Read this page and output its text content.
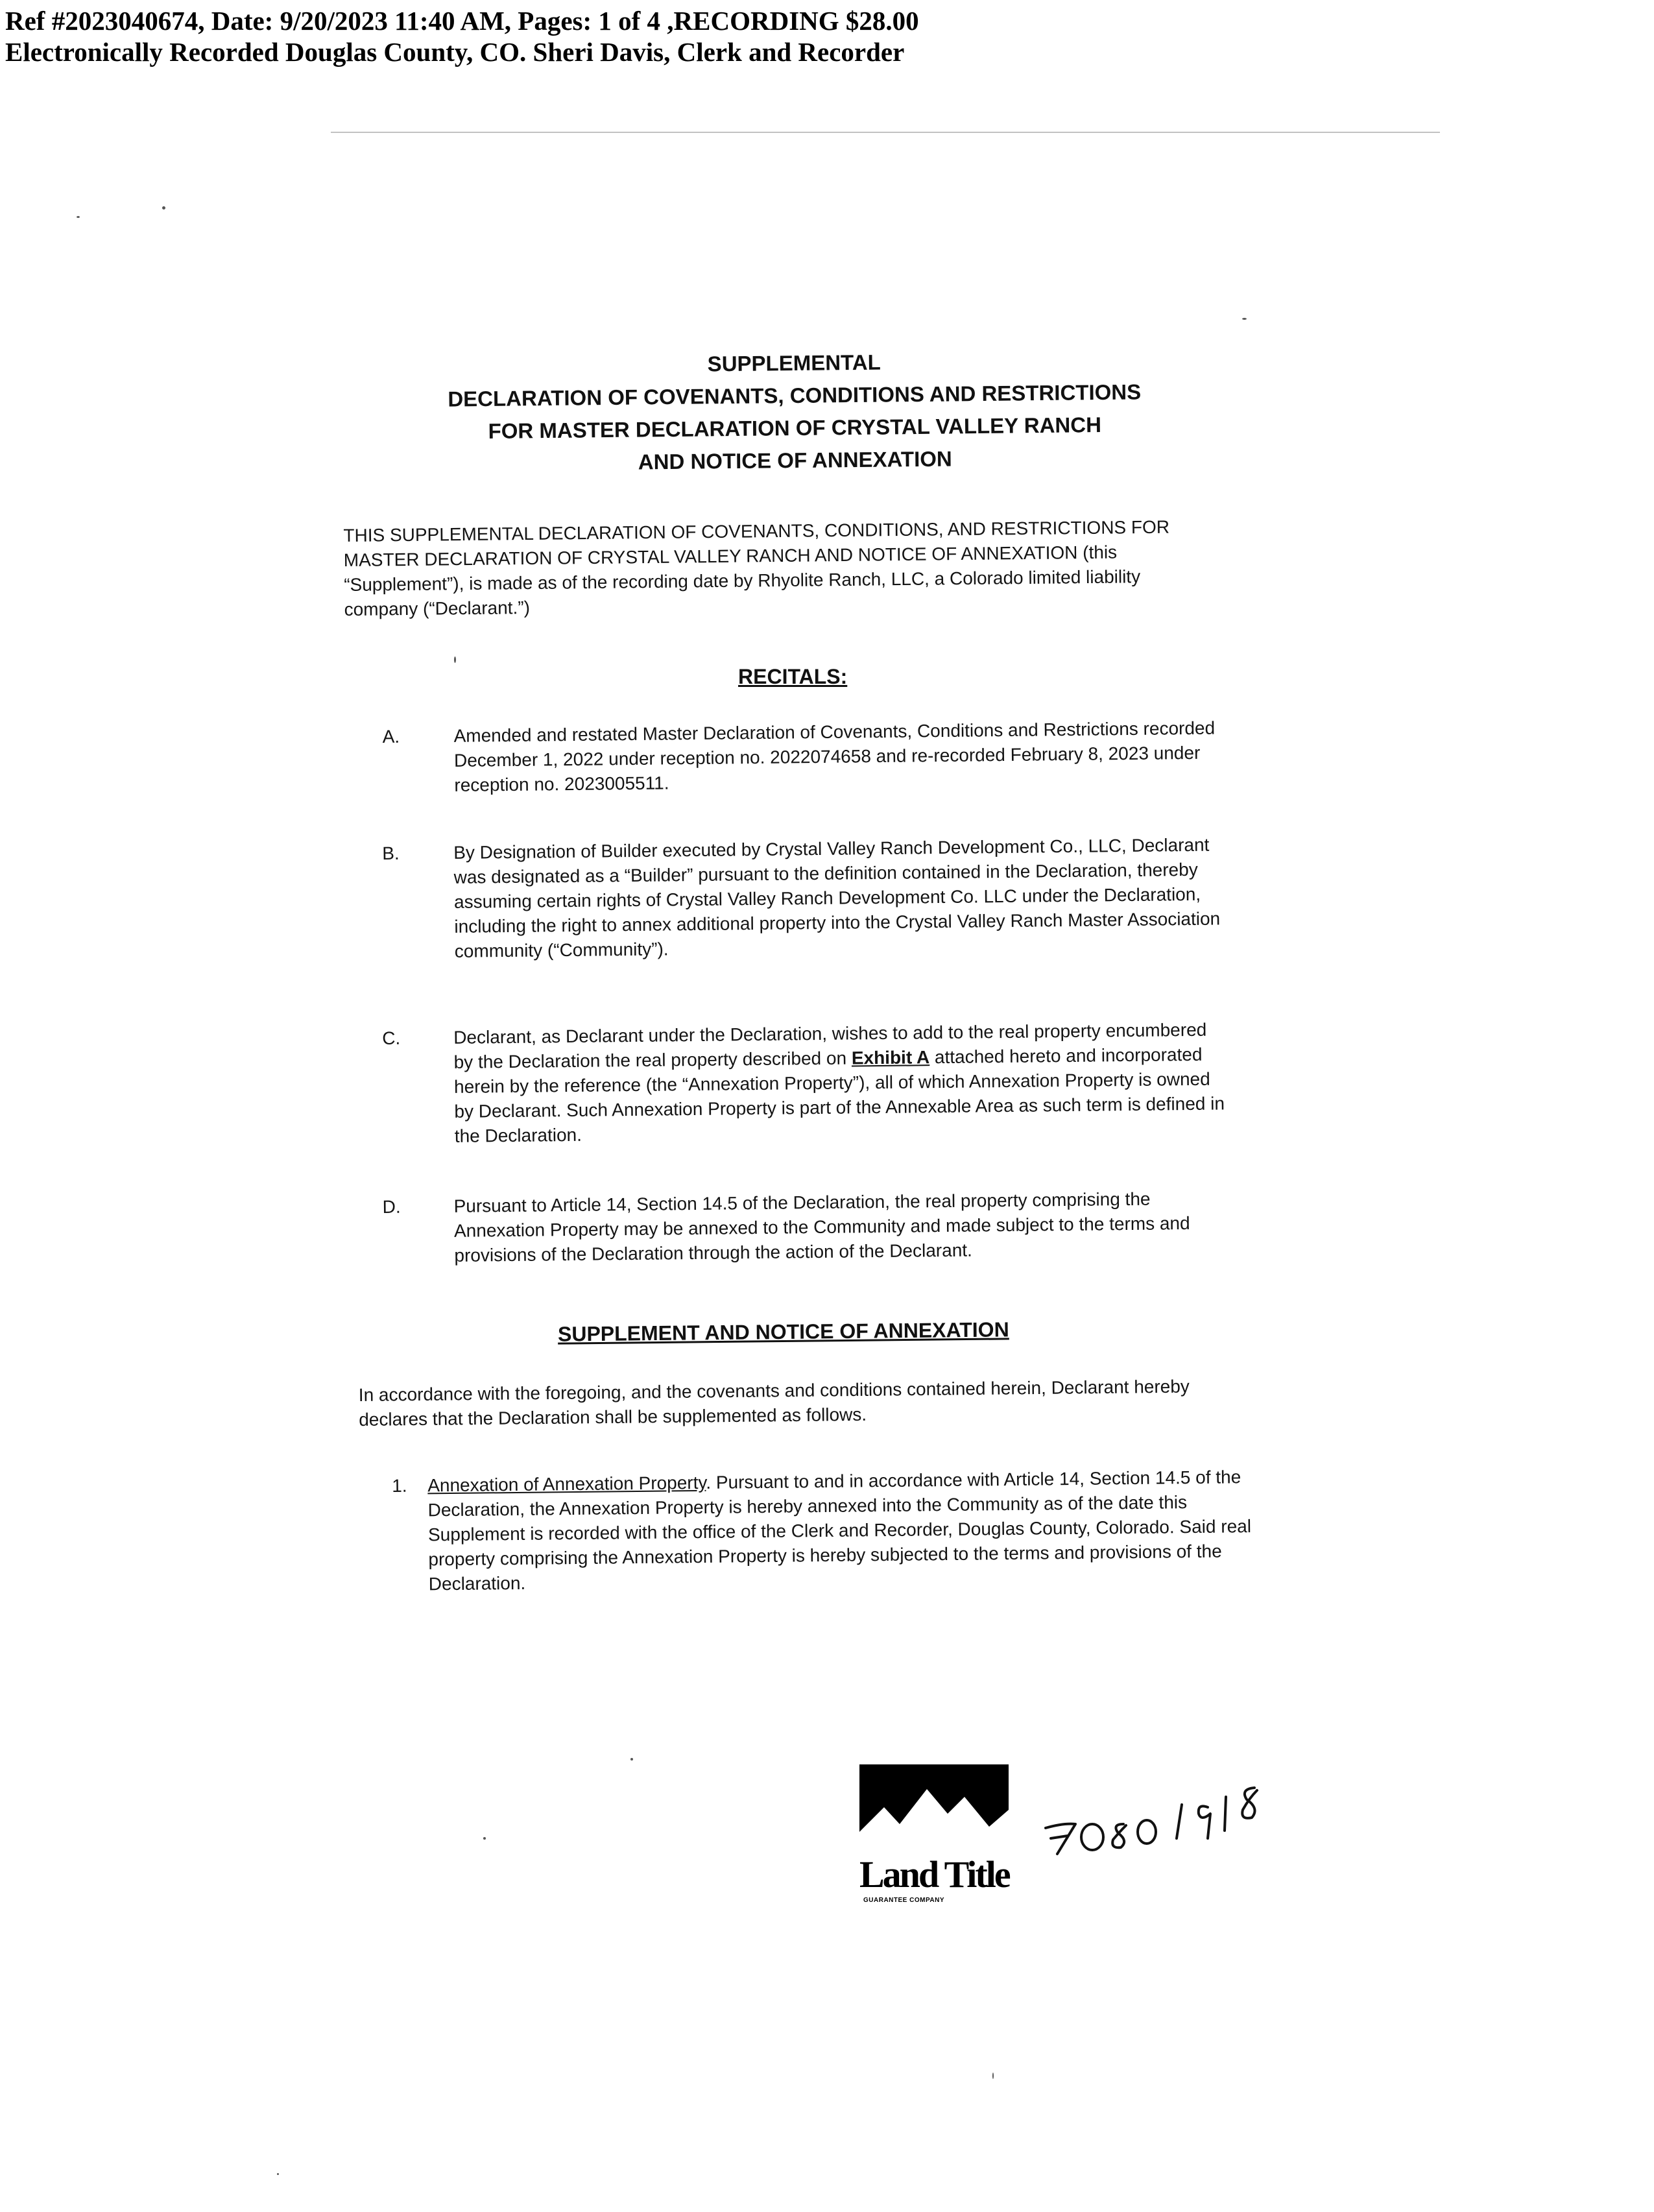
Ref #2023040674, Date: 9/20/2023 11:40 AM, Pages: 1 of 4 ,RECORDING $28.00
Electronically Recorded Douglas County, CO. Sheri Davis, Clerk and Recorder
SUPPLEMENTAL
DECLARATION OF COVENANTS, CONDITIONS AND RESTRICTIONS
FOR MASTER DECLARATION OF CRYSTAL VALLEY RANCH
AND NOTICE OF ANNEXATION
THIS SUPPLEMENTAL DECLARATION OF COVENANTS, CONDITIONS, AND RESTRICTIONS FOR MASTER DECLARATION OF CRYSTAL VALLEY RANCH AND NOTICE OF ANNEXATION (this “Supplement”), is made as of the recording date by Rhyolite Ranch, LLC, a Colorado limited liability company (“Declarant.”)
RECITALS:
A.	Amended and restated Master Declaration of Covenants, Conditions and Restrictions recorded December 1, 2022 under reception no. 2022074658 and re-recorded February 8, 2023 under reception no. 2023005511.
B.	By Designation of Builder executed by Crystal Valley Ranch Development Co., LLC, Declarant was designated as a “Builder” pursuant to the definition contained in the Declaration, thereby assuming certain rights of Crystal Valley Ranch Development Co. LLC under the Declaration, including the right to annex additional property into the Crystal Valley Ranch Master Association community (“Community”).
C.	Declarant, as Declarant under the Declaration, wishes to add to the real property encumbered by the Declaration the real property described on Exhibit A attached hereto and incorporated herein by the reference (the “Annexation Property”), all of which Annexation Property is owned by Declarant. Such Annexation Property is part of the Annexable Area as such term is defined in the Declaration.
D.	Pursuant to Article 14, Section 14.5 of the Declaration, the real property comprising the Annexation Property may be annexed to the Community and made subject to the terms and provisions of the Declaration through the action of the Declarant.
SUPPLEMENT AND NOTICE OF ANNEXATION
In accordance with the foregoing, and the covenants and conditions contained herein, Declarant hereby declares that the Declaration shall be supplemented as follows.
1. Annexation of Annexation Property. Pursuant to and in accordance with Article 14, Section 14.5 of the Declaration, the Annexation Property is hereby annexed into the Community as of the date this Supplement is recorded with the office of the Clerk and Recorder, Douglas County, Colorado. Said real property comprising the Annexation Property is hereby subjected to the terms and provisions of the Declaration.
Land Title
GUARANTEE COMPANY
